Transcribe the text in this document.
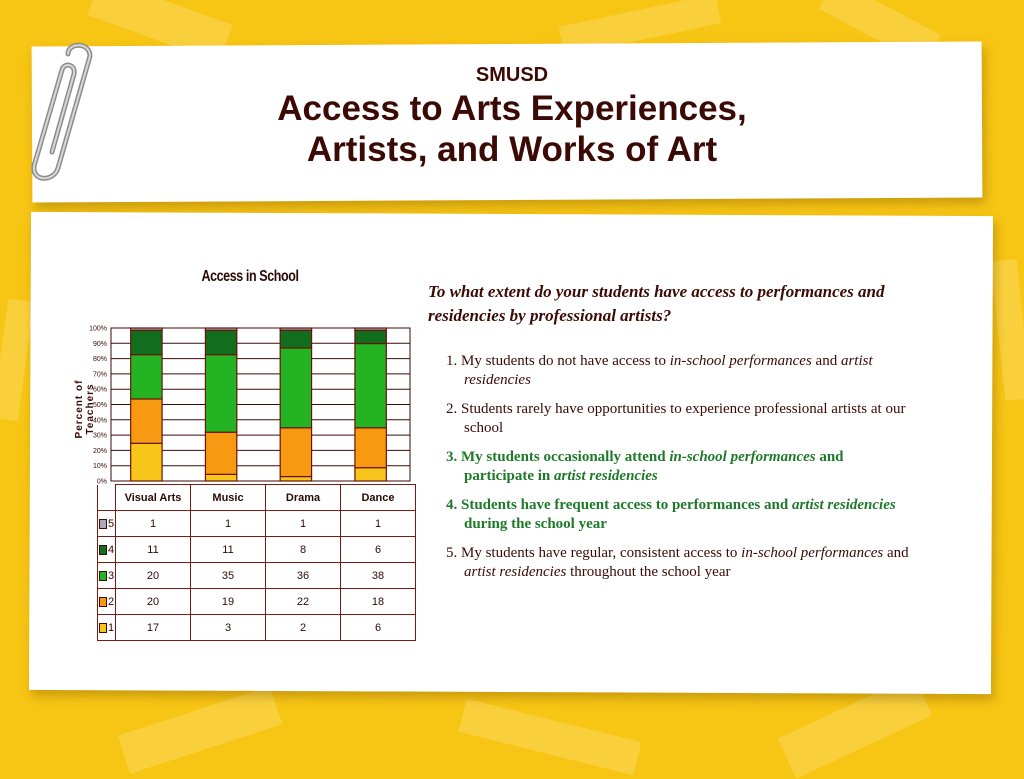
SMUSD
Access to Arts Experiences,
Artists, and Works of Art
Access in School
Percent of Teachers
0%
10%
20%
30%
40%
50%
60%
70%
80%
90%
100%
		Visual Arts	Music	Drama	Dance
	5	1	1	1	1
	4	11	11	8	6
	3	20	35	36	38
	2	20	19	22	18
	1	17	3	2	6

To what extent do your students have access to performances and residencies by professional artists?

1. My students do not have access to in-school performances and artist residencies
2. Students rarely have opportunities to experience professional artists at our school
3. My students occasionally attend in-school performances and participate in artist residencies
4. Students have frequent access to performances and artist residencies during the school year
5. My students have regular, consistent access to in-school performances and artist residencies throughout the school year
